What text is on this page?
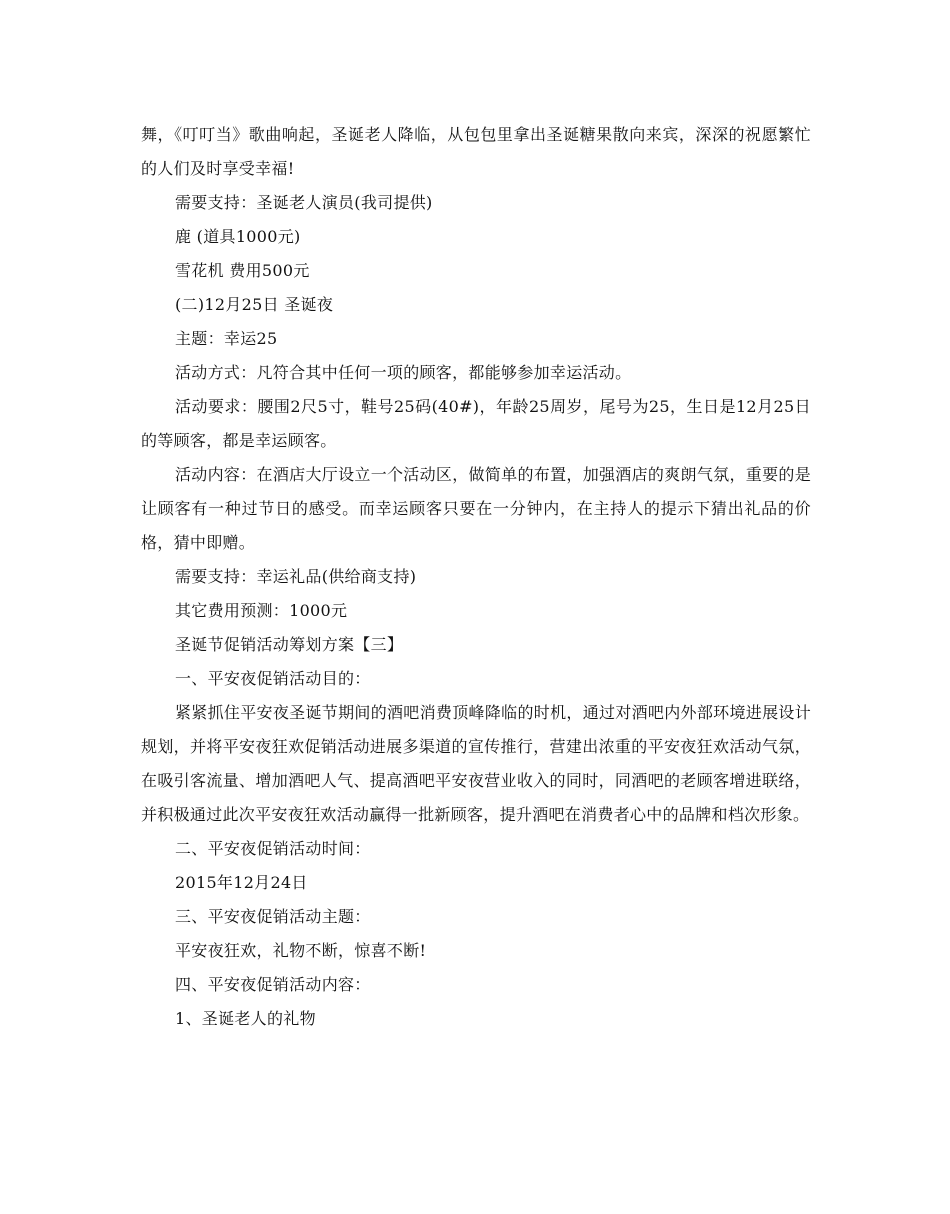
舞，《叮叮当》歌曲响起，圣诞老人降临，从包包里拿出圣诞糖果散向来宾，深深的祝愿繁忙的人们及时享受幸福!

需要支持：圣诞老人演员(我司提供)

鹿 (道具1000元)

雪花机 费用500元

(二)12月25日 圣诞夜

主题：幸运25

活动方式：凡符合其中任何一项的顾客，都能够参加幸运活动。

活动要求：腰围2尺5寸，鞋号25码(40#)，年龄25周岁，尾号为25，生日是12月25日的等顾客，都是幸运顾客。

活动内容：在酒店大厅设立一个活动区，做简单的布置，加强酒店的爽朗气氛，重要的是让顾客有一种过节日的感受。而幸运顾客只要在一分钟内，在主持人的提示下猜出礼品的价格，猜中即赠。

需要支持：幸运礼品(供给商支持)

其它费用预测：1000元

圣诞节促销活动筹划方案【三】

一、平安夜促销活动目的：

紧紧抓住平安夜圣诞节期间的酒吧消费顶峰降临的时机，通过对酒吧内外部环境进展设计规划，并将平安夜狂欢促销活动进展多渠道的宣传推行，营建出浓重的平安夜狂欢活动气氛，在吸引客流量、增加酒吧人气、提高酒吧平安夜营业收入的同时，同酒吧的老顾客增进联络，并积极通过此次平安夜狂欢活动赢得一批新顾客，提升酒吧在消费者心中的品牌和档次形象。

二、平安夜促销活动时间：

2015年12月24日

三、平安夜促销活动主题：

平安夜狂欢，礼物不断，惊喜不断!

四、平安夜促销活动内容：

1、圣诞老人的礼物
